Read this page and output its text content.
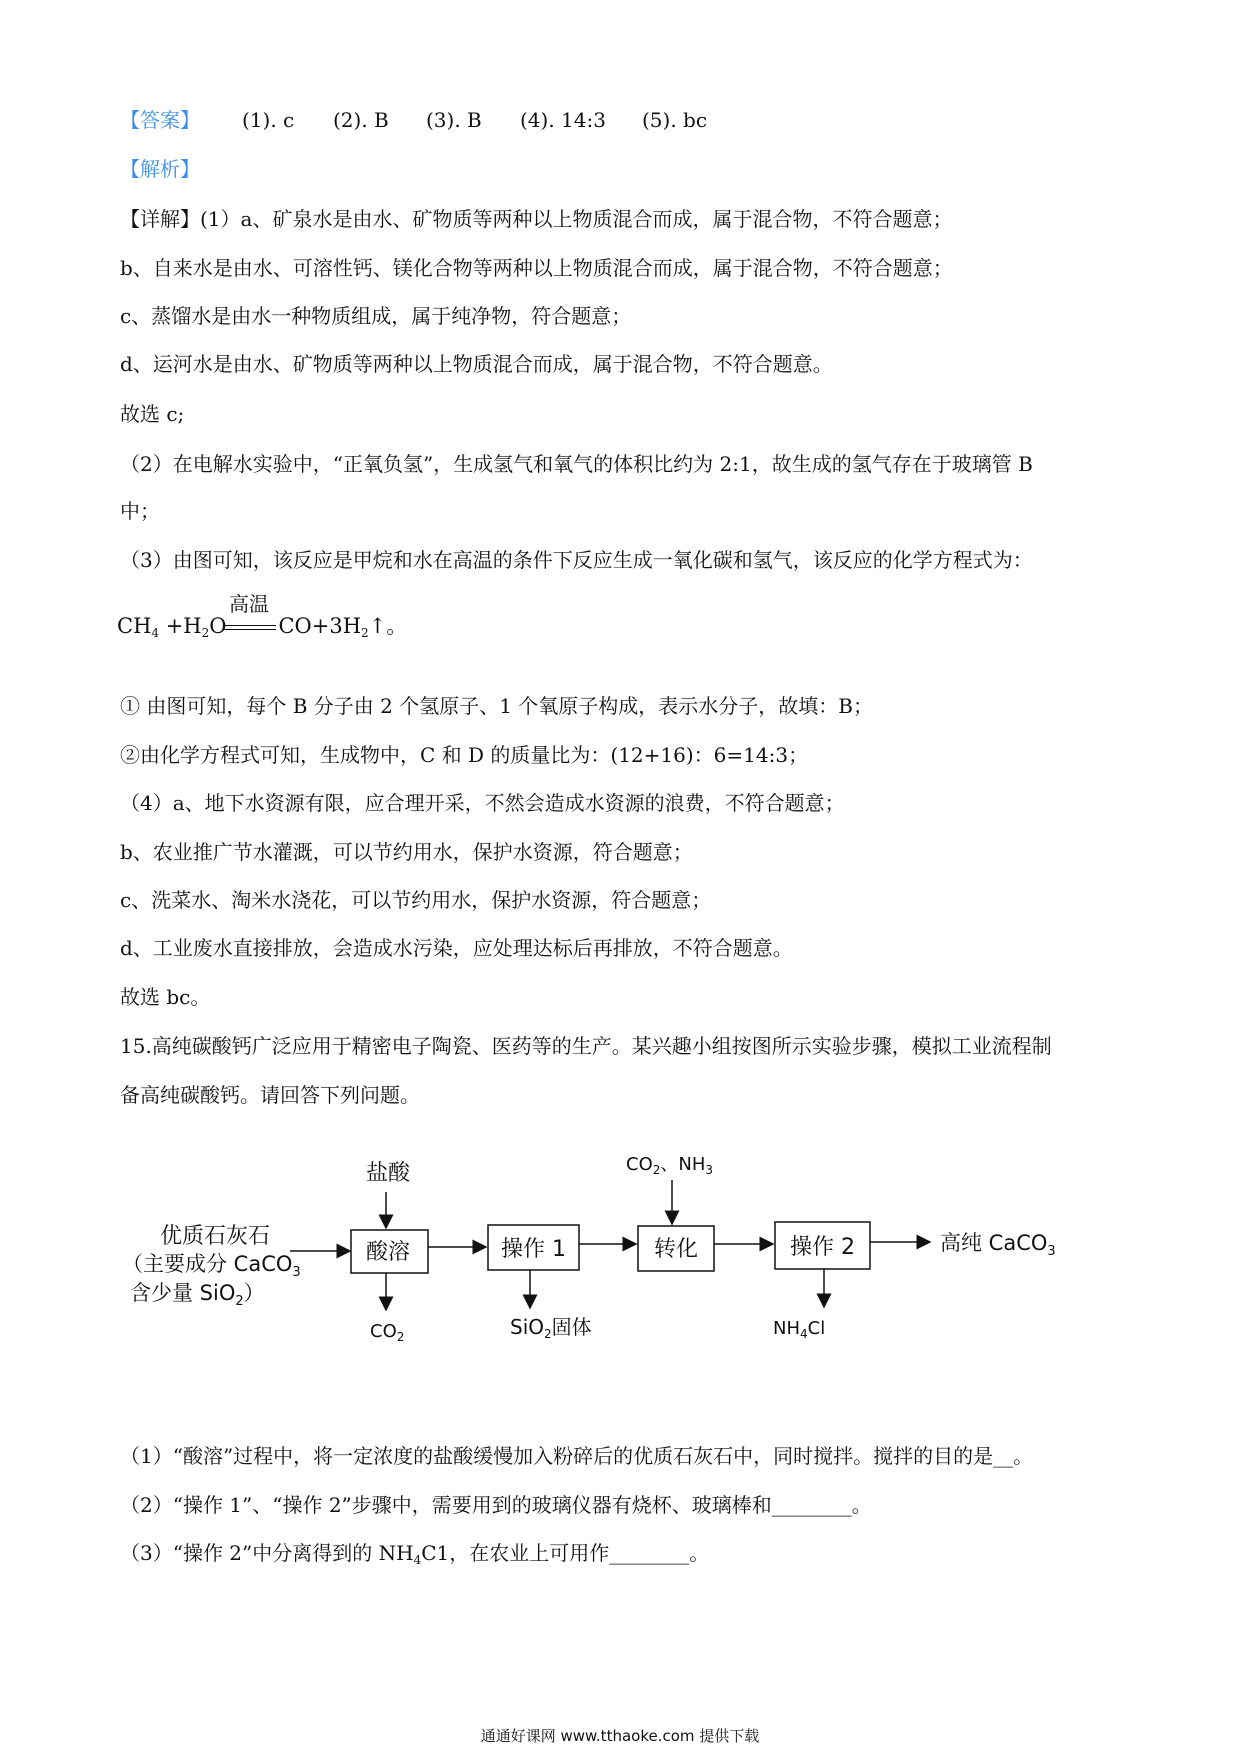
【答案】 (1). c (2). B (3). B (4). 14:3 (5). bc
【解析】
【详解】(1）a、矿泉水是由水、矿物质等两种以上物质混合而成，属于混合物，不符合题意；
b、自来水是由水、可溶性钙、镁化合物等两种以上物质混合而成，属于混合物，不符合题意；
c、蒸馏水是由水一种物质组成，属于纯净物，符合题意；
d、运河水是由水、矿物质等两种以上物质混合而成，属于混合物，不符合题意。
故选 c;
（2）在电解水实验中，“正氧负氢”，生成氢气和氧气的体积比约为 2:1，故生成的氢气存在于玻璃管 B
中；
（3）由图可知，该反应是甲烷和水在高温的条件下反应生成一氧化碳和氢气，该反应的化学方程式为：
$CH_4 +H_2O$ $CO+3H_2↑$。
高温
① 由图可知，每个 B 分子由 2 个氢原子、1 个氧原子构成，表示水分子，故填：B；
②由化学方程式可知，生成物中，C 和 D 的质量比为：(12+16)：6=14:3；
（4）a、地下水资源有限，应合理开采，不然会造成水资源的浪费，不符合题意；
b、农业推广节水灌溉，可以节约用水，保护水资源，符合题意；
c、洗菜水、淘米水浇花，可以节约用水，保护水资源，符合题意；
d、工业废水直接排放，会造成水污染，应处理达标后再排放，不符合题意。
故选 bc。
15.高纯碳酸钙广泛应用于精密电子陶瓷、医药等的生产。某兴趣小组按图所示实验步骤，模拟工业流程制
备高纯碳酸钙。请回答下列问题。
优质石灰石
（主要成分 CaCO$_3$
含少量 SiO$_2$）
盐酸
酸溶
$CO_2$
操作 1
SiO$_2$固体
$CO_2$、$NH_3$
转化	操作 2
$NH_4Cl$
高纯 CaCO$_3$
（1）“酸溶”过程中，将一定浓度的盐酸缓慢加入粉碎后的优质石灰石中，同时搅拌。搅拌的目的是__。
（2）“操作 1”、“操作 2”步骤中，需要用到的玻璃仪器有烧杯、玻璃棒和________。
（3）“操作 2”中分离得到的 $NH_4C1$，在农业上可用作________。
通通好课网 www.tthaoke.com 提供下载
